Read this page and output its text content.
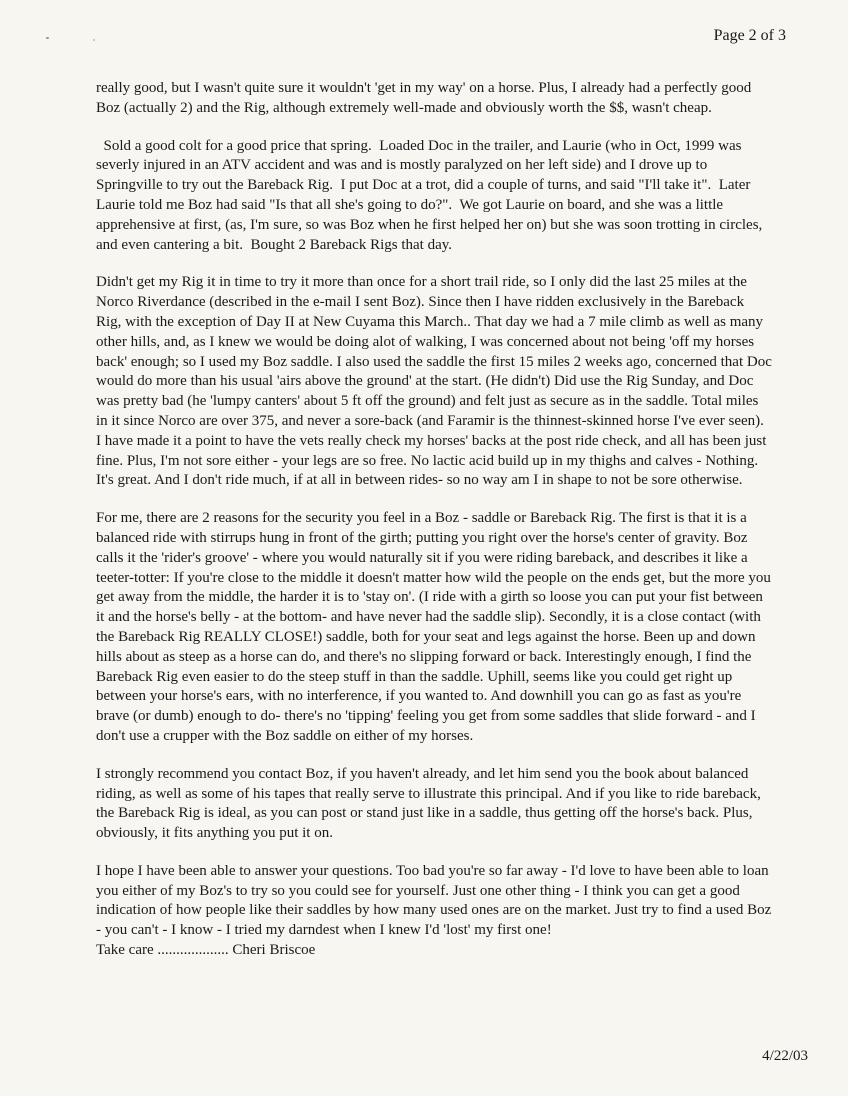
Page 2 of 3

really good, but I wasn't quite sure it wouldn't 'get in my way' on a horse. Plus, I already had a perfectly good Boz (actually 2) and the Rig, although extremely well-made and obviously worth the $$, wasn't cheap.

Sold a good colt for a good price that spring.  Loaded Doc in the trailer, and Laurie (who in Oct, 1999 was severly injured in an ATV accident and was and is mostly paralyzed on her left side) and I drove up to Springville to try out the Bareback Rig.  I put Doc at a trot, did a couple of turns, and said "I'll take it".  Later Laurie told me Boz had said "Is that all she's going to do?".  We got Laurie on board, and she was a little apprehensive at first, (as, I'm sure, so was Boz when he first helped her on) but she was soon trotting in circles, and even cantering a bit.  Bought 2 Bareback Rigs that day.

Didn't get my Rig it in time to try it more than once for a short trail ride, so I only did the last 25 miles at the Norco Riverdance (described in the e-mail I sent Boz). Since then I have ridden exclusively in the Bareback Rig, with the exception of Day II at New Cuyama this March.. That day we had a 7 mile climb as well as many other hills, and, as I knew we would be doing alot of walking, I was concerned about not being 'off my horses back' enough; so I used my Boz saddle. I also used the saddle the first 15 miles 2 weeks ago, concerned that Doc would do more than his usual 'airs above the ground' at the start. (He didn't) Did use the Rig Sunday, and Doc was pretty bad (he 'lumpy canters' about 5 ft off the ground) and felt just as secure as in the saddle. Total miles in it since Norco are over 375, and never a sore-back (and Faramir is the thinnest-skinned horse I've ever seen). I have made it a point to have the vets really check my horses' backs at the post ride check, and all has been just fine. Plus, I'm not sore either - your legs are so free. No lactic acid build up in my thighs and calves - Nothing. It's great. And I don't ride much, if at all in between rides- so no way am I in shape to not be sore otherwise.

For me, there are 2 reasons for the security you feel in a Boz - saddle or Bareback Rig. The first is that it is a balanced ride with stirrups hung in front of the girth; putting you right over the horse's center of gravity. Boz calls it the 'rider's groove' - where you would naturally sit if you were riding bareback, and describes it like a teeter-totter: If you're close to the middle it doesn't matter how wild the people on the ends get, but the more you get away from the middle, the harder it is to 'stay on'. (I ride with a girth so loose you can put your fist between it and the horse's belly - at the bottom- and have never had the saddle slip). Secondly, it is a close contact (with the Bareback Rig REALLY CLOSE!) saddle, both for your seat and legs against the horse. Been up and down hills about as steep as a horse can do, and there's no slipping forward or back. Interestingly enough, I find the Bareback Rig even easier to do the steep stuff in than the saddle. Uphill, seems like you could get right up between your horse's ears, with no interference, if you wanted to. And downhill you can go as fast as you're brave (or dumb) enough to do- there's no 'tipping' feeling you get from some saddles that slide forward - and I don't use a crupper with the Boz saddle on either of my horses.

I strongly recommend you contact Boz, if you haven't already, and let him send you the book about balanced riding, as well as some of his tapes that really serve to illustrate this principal. And if you like to ride bareback, the Bareback Rig is ideal, as you can post or stand just like in a saddle, thus getting off the horse's back. Plus, obviously, it fits anything you put it on.

I hope I have been able to answer your questions. Too bad you're so far away - I'd love to have been able to loan you either of my Boz's to try so you could see for yourself. Just one other thing - I think you can get a good indication of how people like their saddles by how many used ones are on the market. Just try to find a used Boz - you can't - I know - I tried my darndest when I knew I'd 'lost' my first one!

Take care ................... Cheri Briscoe

4/22/03
